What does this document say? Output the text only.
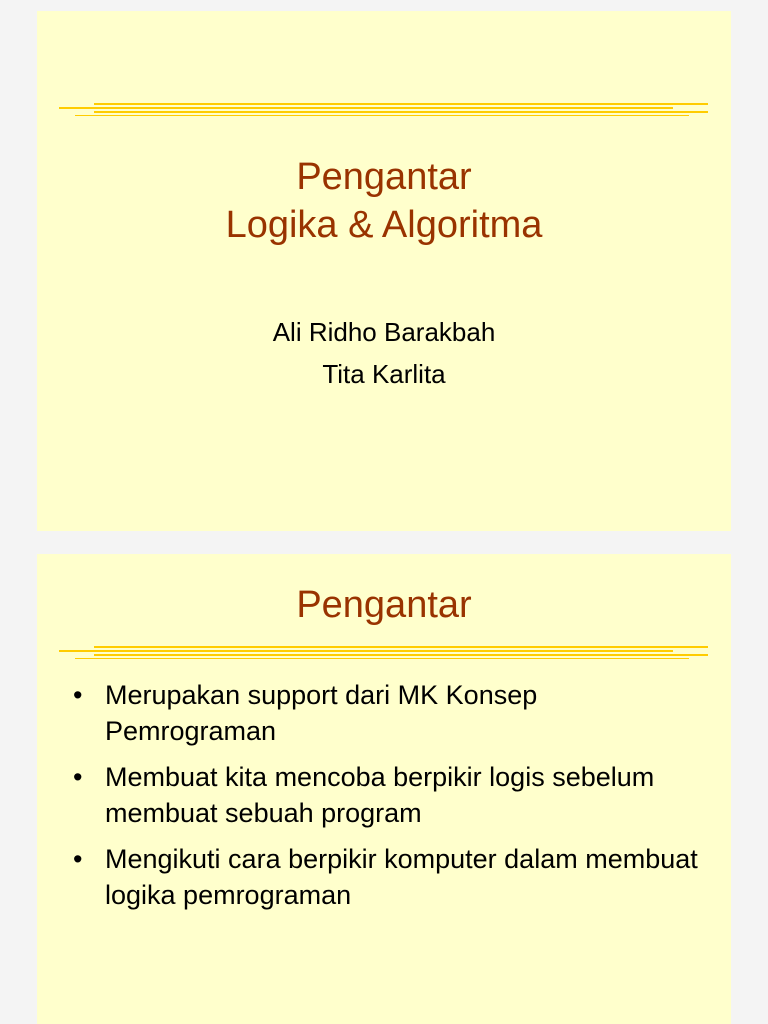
Pengantar
Logika & Algoritma
Ali Ridho Barakbah
Tita Karlita
Pengantar
• Merupakan support dari MK Konsep Pemrograman
• Membuat kita mencoba berpikir logis sebelum membuat sebuah program
• Mengikuti cara berpikir komputer dalam membuat logika pemrograman
